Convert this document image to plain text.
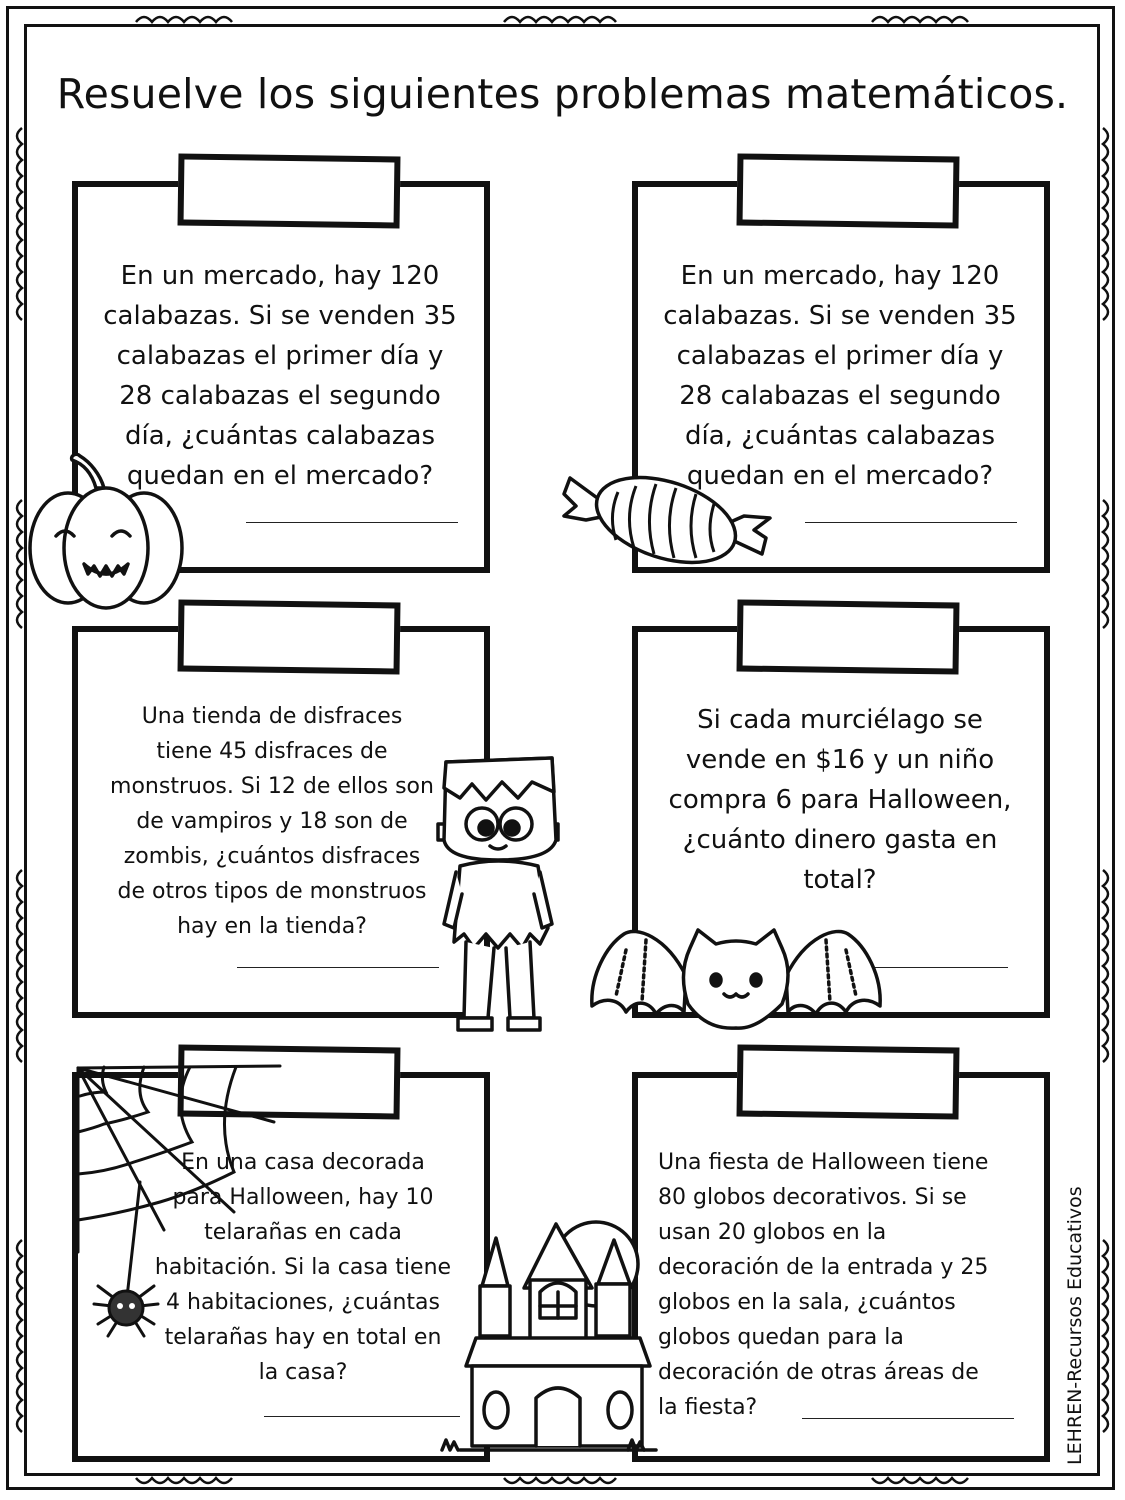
Resuelve los siguientes problemas matemáticos.

En un mercado, hay 120
calabazas. Si se venden 35
calabazas el primer día y
28 calabazas el segundo
día, ¿cuántas calabazas
quedan en el mercado?

En un mercado, hay 120
calabazas. Si se venden 35
calabazas el primer día y
28 calabazas el segundo
día, ¿cuántas calabazas
quedan en el mercado?

Una tienda de disfraces
tiene 45 disfraces de
monstruos. Si 12 de ellos son
de vampiros y 18 son de
zombis, ¿cuántos disfraces
de otros tipos de monstruos
hay en la tienda?

Si cada murciélago se
vende en $16 y un niño
compra 6 para Halloween,
¿cuánto dinero gasta en
total?

En una casa decorada
para Halloween, hay 10
telarañas en cada
habitación. Si la casa tiene
4 habitaciones, ¿cuántas
telarañas hay en total en
la casa?

Una fiesta de Halloween tiene
80 globos decorativos. Si se
usan 20 globos en la
decoración de la entrada y 25
globos en la sala, ¿cuántos
globos quedan para la
decoración de otras áreas de
la fiesta?	LEHREN-Recursos Educativos
